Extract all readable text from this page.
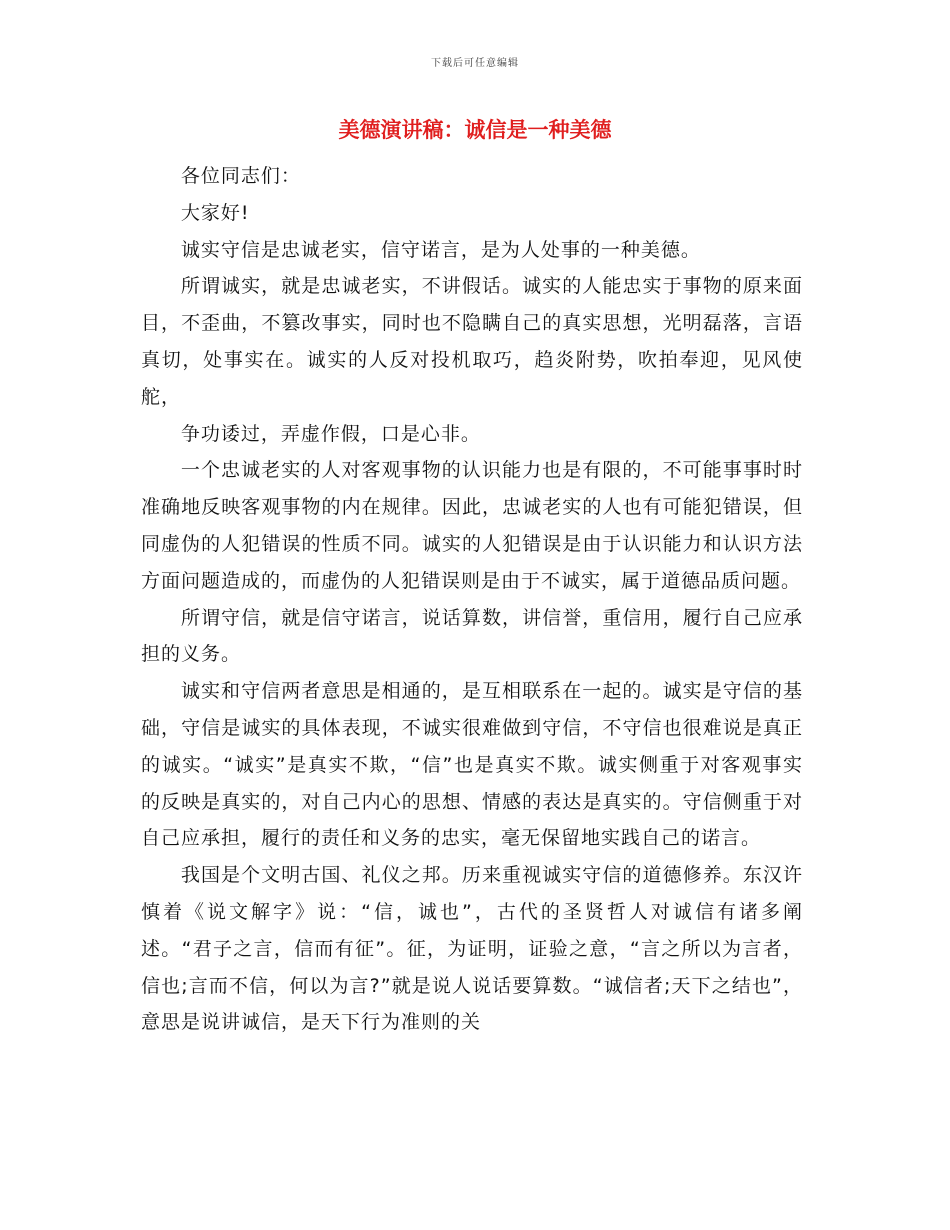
下载后可任意编辑
美德演讲稿：诚信是一种美德

各位同志们：

大家好!

诚实守信是忠诚老实，信守诺言，是为人处事的一种美德。

所谓诚实，就是忠诚老实，不讲假话。诚实的人能忠实于事物的原来面目，不歪曲，不篡改事实，同时也不隐瞒自己的真实思想，光明磊落，言语真切，处事实在。诚实的人反对投机取巧，趋炎附势，吹拍奉迎，见风使舵，

争功诿过，弄虚作假，口是心非。

一个忠诚老实的人对客观事物的认识能力也是有限的，不可能事事时时准确地反映客观事物的内在规律。因此，忠诚老实的人也有可能犯错误，但同虚伪的人犯错误的性质不同。诚实的人犯错误是由于认识能力和认识方法方面问题造成的，而虚伪的人犯错误则是由于不诚实，属于道德品质问题。

所谓守信，就是信守诺言，说话算数，讲信誉，重信用，履行自己应承担的义务。

诚实和守信两者意思是相通的，是互相联系在一起的。诚实是守信的基础，守信是诚实的具体表现，不诚实很难做到守信，不守信也很难说是真正的诚实。“诚实”是真实不欺，“信”也是真实不欺。诚实侧重于对客观事实的反映是真实的，对自己内心的思想、情感的表达是真实的。守信侧重于对自己应承担，履行的责任和义务的忠实，毫无保留地实践自己的诺言。

我国是个文明古国、礼仪之邦。历来重视诚实守信的道德修养。东汉许慎着《说文解字》说：“信，诚也”，古代的圣贤哲人对诚信有诸多阐述。“君子之言，信而有征”。征，为证明，证验之意，“言之所以为言者，信也;言而不信，何以为言?”就是说人说话要算数。“诚信者;天下之结也”，意思是说讲诚信，是天下行为准则的关
